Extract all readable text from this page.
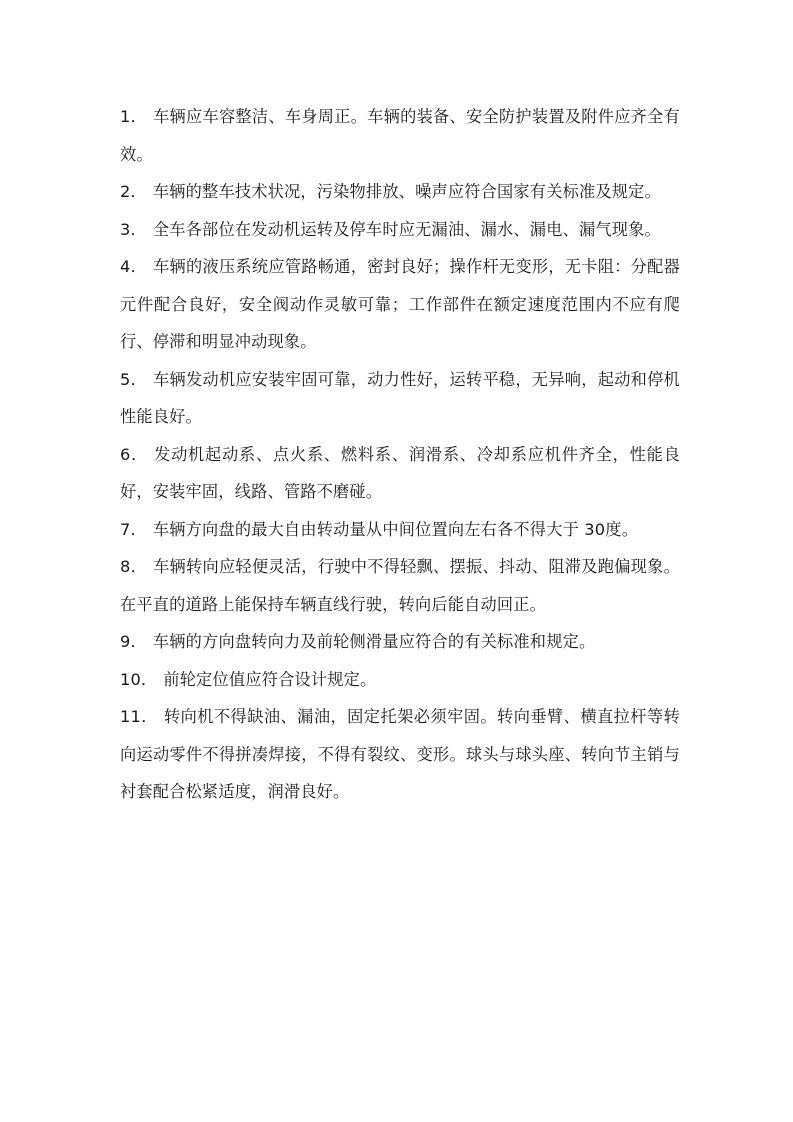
1 ． 车辆应车容整洁、车身周正。车辆的装备、安全防护装置及附件应齐全有效。

2 ． 车辆的整车技术状况，污染物排放、噪声应符合国家有关标准及规定。

3 ． 全车各部位在发动机运转及停车时应无漏油、漏水、漏电、漏气现象。

4 ． 车辆的液压系统应管路畅通，密封良好；操作杆无变形，无卡阻：分配器元件配合良好，安全阀动作灵敏可靠；工作部件在额定速度范围内不应有爬行、停滞和明显冲动现象。

5 ． 车辆发动机应安装牢固可靠，动力性好，运转平稳，无异响，起动和停机性能良好。

6 ． 发动机起动系、点火系、燃料系、润滑系、冷却系应机件齐全，性能良好，安装牢固，线路、管路不磨碰。

7 ． 车辆方向盘的最大自由转动量从中间位置向左右各不得大于 30度。

8 ． 车辆转向应轻便灵活，行驶中不得轻飘、摆振、抖动、阻滞及跑偏现象。在平直的道路上能保持车辆直线行驶，转向后能自动回正。

9 ． 车辆的方向盘转向力及前轮侧滑量应符合的有关标准和规定。

10 ． 前轮定位值应符合设计规定。

11 ． 转向机不得缺油、漏油，固定托架必须牢固。转向垂臂、横直拉杆等转向运动零件不得拼凑焊接，不得有裂纹、变形。球头与球头座、转向节主销与衬套配合松紧适度，润滑良好。
